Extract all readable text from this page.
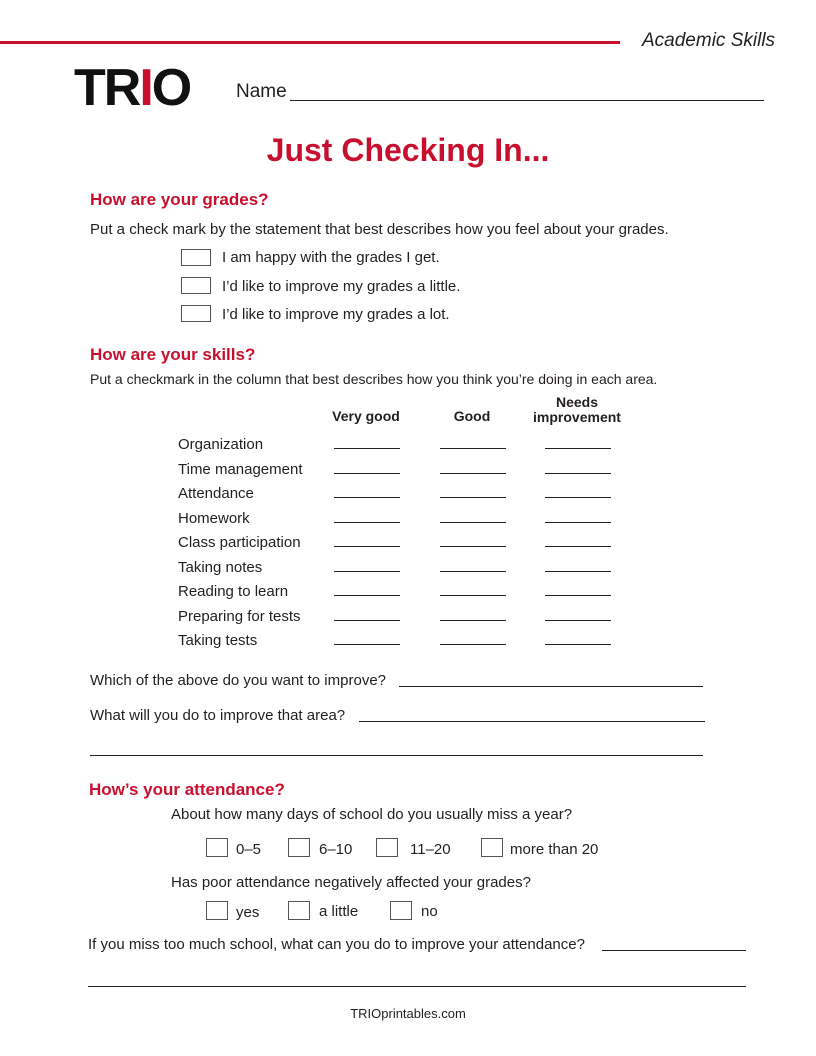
Academic Skills
TRIO Name
Just Checking In...
How are your grades?
Put a check mark by the statement that best describes how you feel about your grades.
I am happy with the grades I get.
I’d like to improve my grades a little.
I’d like to improve my grades a lot.
How are your skills?
Put a checkmark in the column that best describes how you think you’re doing in each area.
Very good	Good
Needs
improvement
Organization
Time management
Attendance
Homework
Class participation
Taking notes
Reading to learn
Preparing for tests
Taking tests
Which of the above do you want to improve?
What will you do to improve that area?
How’s your attendance?
About how many days of school do you usually miss a year?
0–5	6–10	11–20	more than 20
Has poor attendance negatively affected your grades?
yes	a little	no
If you miss too much school, what can you do to improve your attendance?
TRIOprintables.com
